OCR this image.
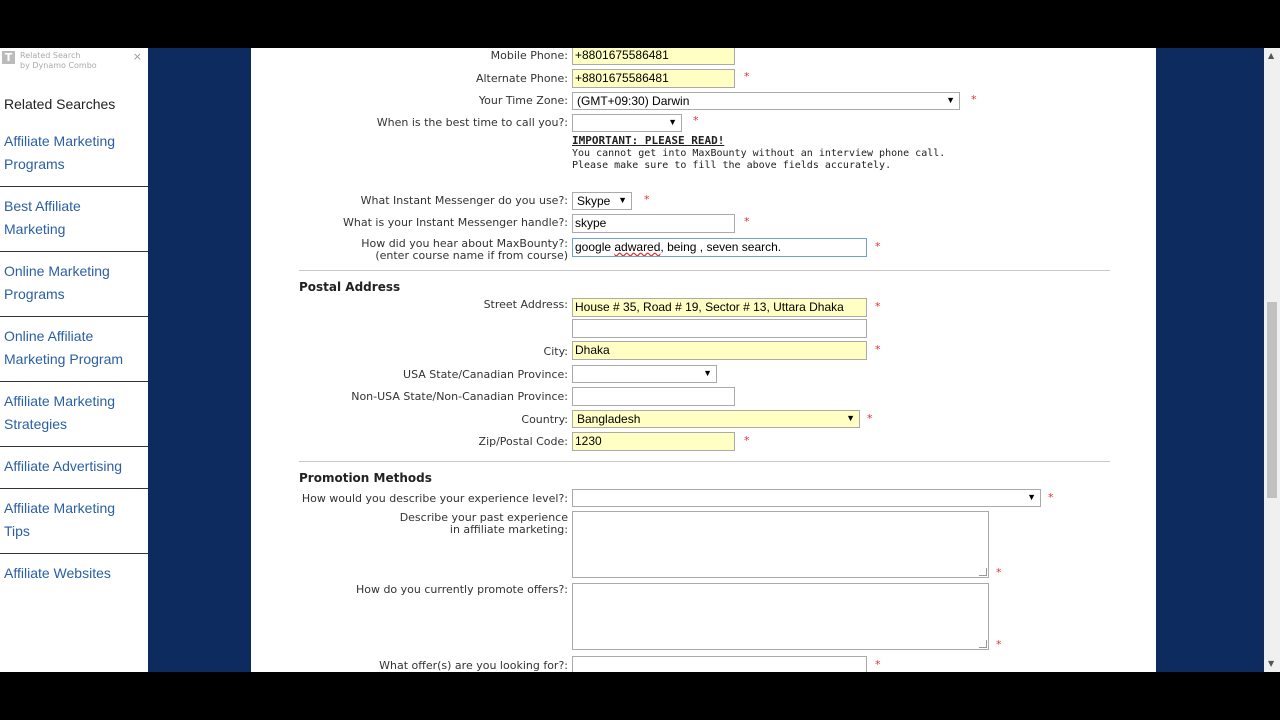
T Related Search
by Dynamo Combo
×
Related Searches
Affiliate Marketing Programs
Best Affiliate Marketing
Online Marketing Programs
Online Affiliate Marketing Program
Affiliate Marketing Strategies
Affiliate Advertising
Affiliate Marketing Tips
Affiliate Websites
Mobile Phone: +8801675586481
Alternate Phone: +8801675586481	*
Your Time Zone: (GMT+09:30) Darwin	▼ *
When is the best time to call you?:	▼ *
IMPORTANT: PLEASE READ!
You cannot get into MaxBounty without an interview phone call.
Please make sure to fill the above fields accurately.
What Instant Messenger do you use?: Skype ▼ *
What is your Instant Messenger handle?: skype	*
How did you hear about MaxBounty?:
(enter course name if from course)
google adwared, being , seven search.	*
Postal Address
Street Address: House # 35, Road # 19, Sector # 13, Uttara Dhaka	*
City: Dhaka	*
USA State/Canadian Province:	▼
Non-USA State/Non-Canadian Province:
Country: Bangladesh	▼ *
Zip/Postal Code: 1230	*
Promotion Methods
How would you describe your experience level?:	▼ *
Describe your past experience
in affiliate marketing:
*
How do you currently promote offers?:
*
What offer(s) are you looking for?:	*
▲
▼
